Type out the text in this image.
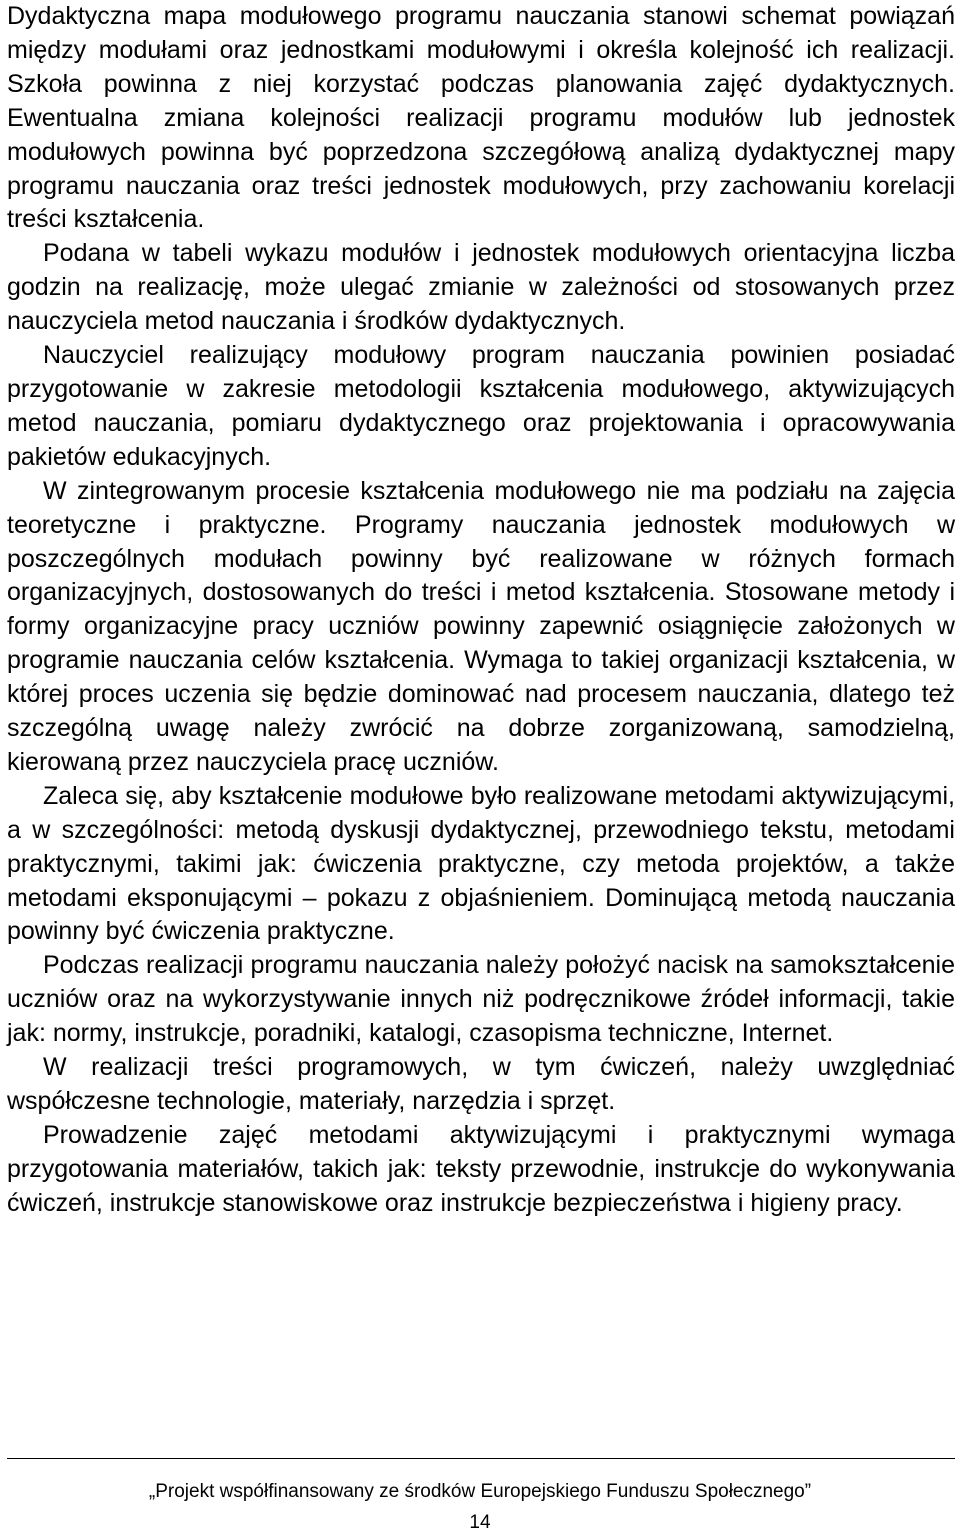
Dydaktyczna mapa modułowego programu nauczania stanowi schemat powiązań między modułami oraz jednostkami modułowymi i określa kolejność ich realizacji. Szkoła powinna z niej korzystać podczas planowania zajęć dydaktycznych. Ewentualna zmiana kolejności realizacji programu modułów lub jednostek modułowych powinna być poprzedzona szczegółową analizą dydaktycznej mapy programu nauczania oraz treści jednostek modułowych, przy zachowaniu korelacji treści kształcenia.

Podana w tabeli wykazu modułów i jednostek modułowych orientacyjna liczba godzin na realizację, może ulegać zmianie w zależności od stosowanych przez nauczyciela metod nauczania i środków dydaktycznych.

Nauczyciel realizujący modułowy program nauczania powinien posiadać przygotowanie w zakresie metodologii kształcenia modułowego, aktywizujących metod nauczania, pomiaru dydaktycznego oraz projektowania i opracowywania pakietów edukacyjnych.

W zintegrowanym procesie kształcenia modułowego nie ma podziału na zajęcia teoretyczne i praktyczne. Programy nauczania jednostek modułowych w poszczególnych modułach powinny być realizowane w różnych formach organizacyjnych, dostosowanych do treści i metod kształcenia. Stosowane metody i formy organizacyjne pracy uczniów powinny zapewnić osiągnięcie założonych w programie nauczania celów kształcenia. Wymaga to takiej organizacji kształcenia, w której proces uczenia się będzie dominować nad procesem nauczania, dlatego też szczególną uwagę należy zwrócić na dobrze zorganizowaną, samodzielną, kierowaną przez nauczyciela pracę uczniów.

Zaleca się, aby kształcenie modułowe było realizowane metodami aktywizującymi, a w szczególności: metodą dyskusji dydaktycznej, przewodniego tekstu, metodami praktycznymi, takimi jak: ćwiczenia praktyczne, czy metoda projektów, a także metodami eksponującymi – pokazu z objaśnieniem. Dominującą metodą nauczania powinny być ćwiczenia praktyczne.

Podczas realizacji programu nauczania należy położyć nacisk na samokształcenie uczniów oraz na wykorzystywanie innych niż podręcznikowe źródeł informacji, takie jak: normy, instrukcje, poradniki, katalogi, czasopisma techniczne, Internet.

W realizacji treści programowych, w tym ćwiczeń, należy uwzględniać współczesne technologie, materiały, narzędzia i sprzęt.

Prowadzenie zajęć metodami aktywizującymi i praktycznymi wymaga przygotowania materiałów, takich jak: teksty przewodnie, instrukcje do wykonywania ćwiczeń, instrukcje stanowiskowe oraz instrukcje bezpieczeństwa i higieny pracy.

„Projekt współfinansowany ze środków Europejskiego Funduszu Społecznego”
14
